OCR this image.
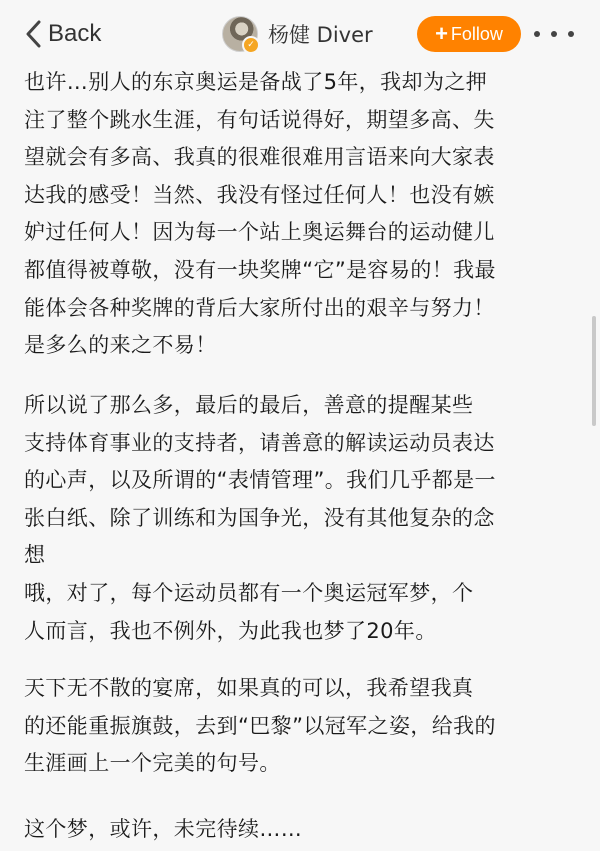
Back	✓ 杨健 Diver	+ Follow
也许…别人的东京奥运是备战了5年，我却为之押
注了整个跳水生涯，有句话说得好，期望多高、失
望就会有多高、我真的很难很难用言语来向大家表
达我的感受！当然、我没有怪过任何人！也没有嫉
妒过任何人！因为每一个站上奥运舞台的运动健儿
都值得被尊敬，没有一块奖牌“它”是容易的！我最
能体会各种奖牌的背后大家所付出的艰辛与努力！
是多么的来之不易！
所以说了那么多，最后的最后，善意的提醒某些
支持体育事业的支持者，请善意的解读运动员表达
的心声，以及所谓的“表情管理”。我们几乎都是一
张白纸、除了训练和为国争光，没有其他复杂的念
想
哦，对了，每个运动员都有一个奥运冠军梦，个
人而言，我也不例外，为此我也梦了20年。
天下无不散的宴席，如果真的可以，我希望我真
的还能重振旗鼓，去到“巴黎”以冠军之姿，给我的
生涯画上一个完美的句号。
这个梦，或许，未完待续……
